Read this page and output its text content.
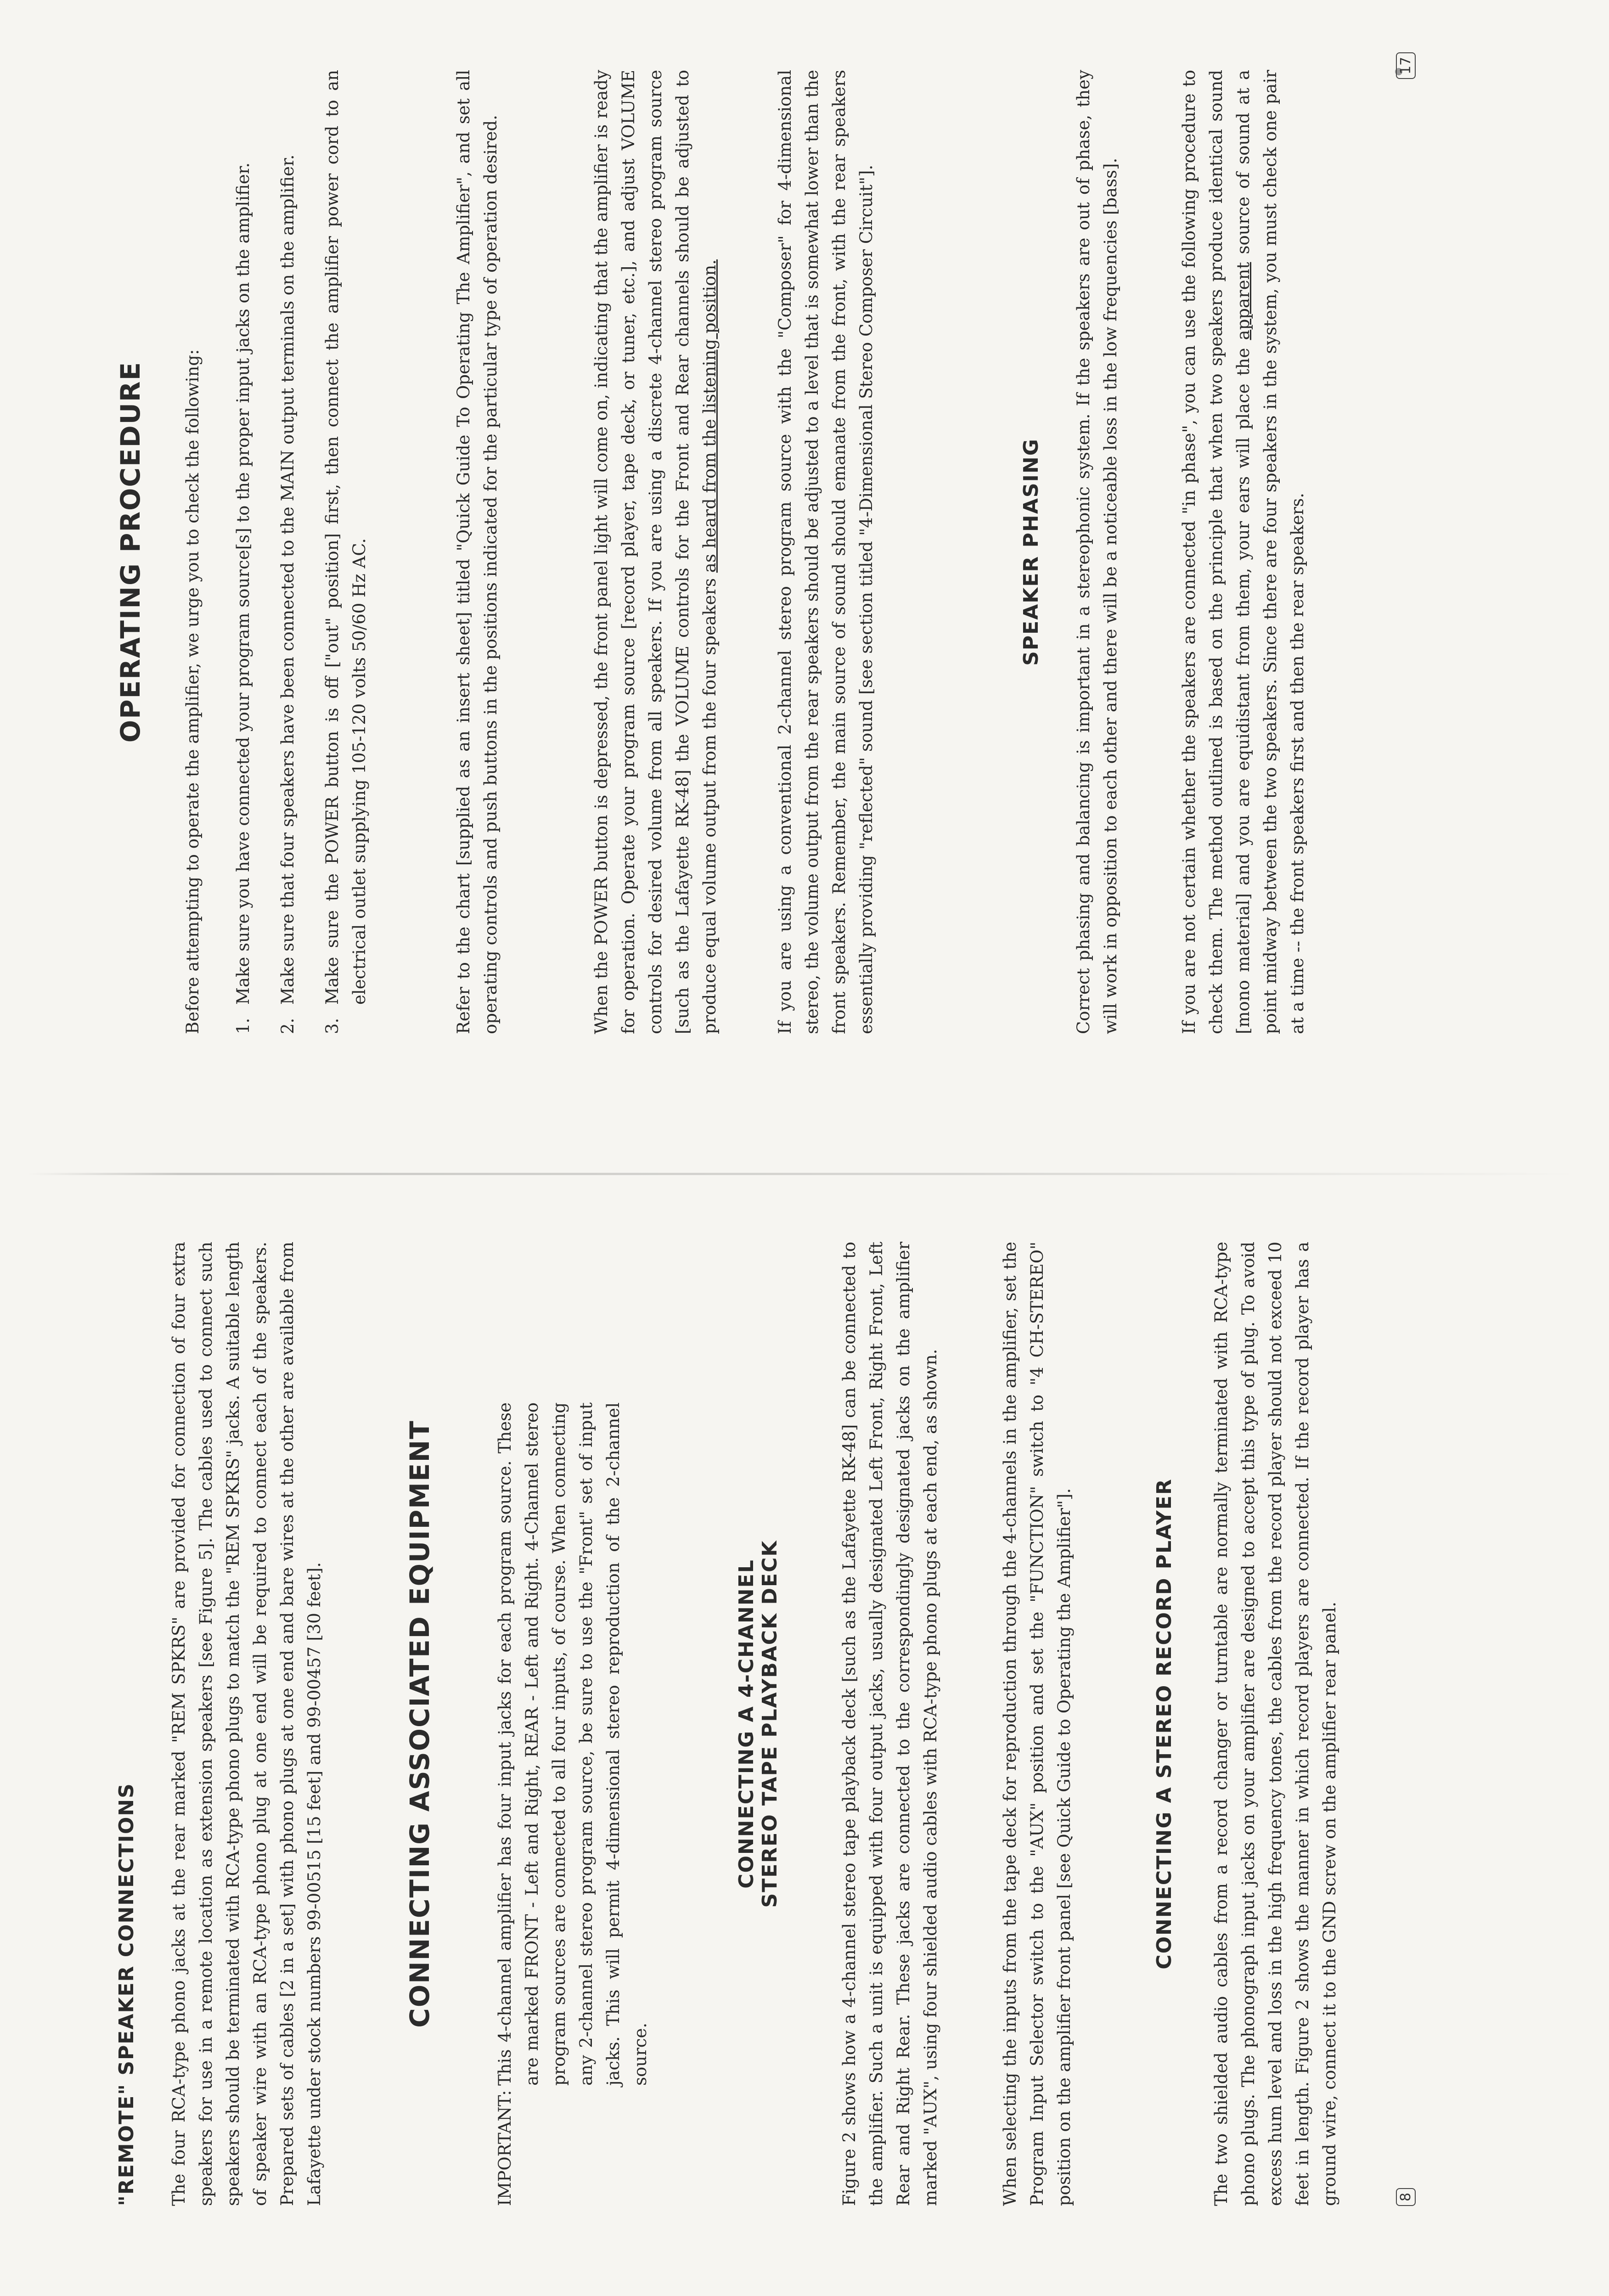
"REMOTE" SPEAKER CONNECTIONS The four RCA-type phono jacks at the rear marked "REM SPKRS" are provided for connection of four extra speakers for use in a remote location as extension speakers [see Figure 5]. The cables used to connect such speakers should be terminated with RCA-type phono plugs to match the "REM SPKRS" jacks. A suitable length of speaker wire with an RCA-type phono plug at one end will be required to connect each of the speakers. Prepared sets of cables [2 in a set] with phono plugs at one end and bare wires at the other are available from Lafayette under stock numbers 99-00515 [15 feet] and 99-00457 [30 feet].	CONNECTING ASSOCIATED EQUIPMENT
IMPORTANT:
This 4-channel amplifier has four input jacks for each program source. These are marked FRONT - Left and Right, REAR - Left and Right. 4-Channel stereo program sources are connected to all four inputs, of course. When connecting any 2-channel stereo program source, be sure to use the "Front" set of input jacks. This will permit 4-dimensional stereo reproduction of the 2-channel source.
CONNECTING A 4-CHANNEL STEREO TAPE PLAYBACK DECK	Figure 2 shows how a 4-channel stereo tape playback deck [such as the Lafayette RK-48] can be connected to the amplifier. Such a unit is equipped with four output jacks, usually designated Left Front, Right Front, Left Rear and Right Rear. These jacks are connected to the correspondingly designated jacks on the amplifier marked "AUX", using four shielded audio cables with RCA-type phono plugs at each end, as shown.	When selecting the inputs from the tape deck for reproduction through the 4-channels in the amplifier, set the Program Input Selector switch to the "AUX" position and set the "FUNCTION" switch to "4 CH-STEREO" position on the amplifier front panel [see Quick Guide to Operating the Amplifier"].	CONNECTING A STEREO RECORD PLAYER The two shielded audio cables from a record changer or turntable are normally terminated with RCA-type phono plugs. The phonograph input jacks on your amplifier are designed to accept this type of plug. To avoid excess hum level and loss in the high frequency tones, the cables from the record player should not exceed 10 feet in length. Figure 2 shows the manner in which record players are connected. If the record player has a ground wire, connect it to the GND screw on the amplifier rear panel.	8
OPERATING PROCEDURE Before attempting to operate the amplifier, we urge you to check the following: 1.
Make sure you have connected your program source[s] to the proper input jacks on the amplifier.
2.
Make sure that four speakers have been connected to the MAIN output terminals on the amplifier.
3.
Make sure the POWER button is off ["out" position] first, then connect the amplifier power cord to an electrical outlet supplying 105-120 volts 50/60 Hz AC.	Refer to the chart [supplied as an insert sheet] titled "Quick Guide To Operating The Amplifier", and set all operating controls and push buttons in the positions indicated for the particular type of operation desired.	When the POWER button is depressed, the front panel light will come on, indicating that the amplifier is ready for operation. Operate your program source [record player, tape deck, or tuner, etc.], and adjust VOLUME controls for desired volume from all speakers. If you are using a discrete 4-channel stereo program source [such as the Lafayette RK-48] the VOLUME controls for the Front and Rear channels should be adjusted to produce equal volume output from the four speakers as heard from the listening position.	If you are using a conventional 2-channel stereo program source with the "Composer" for 4-dimensional stereo, the volume output from the rear speakers should be adjusted to a level that is somewhat lower than the front speakers. Remember, the main source of sound should emanate from the front, with the rear speakers essentially providing "reflected" sound [see section titled "4-Dimensional Stereo Composer Circuit"].	SPEAKER PHASING Correct phasing and balancing is important in a stereophonic system. If the speakers are out of phase, they will work in opposition to each other and there will be a noticeable loss in the low frequencies [bass].	If you are not certain whether the speakers are connected "in phase", you can use the following procedure to check them. The method outlined is based on the principle that when two speakers produce identical sound [mono material] and you are equidistant from them, your ears will place the apparent source of sound at a point midway between the two speakers. Since there are four speakers in the system, you must check one pair at a time -- the front speakers first and then the rear speakers.
17
